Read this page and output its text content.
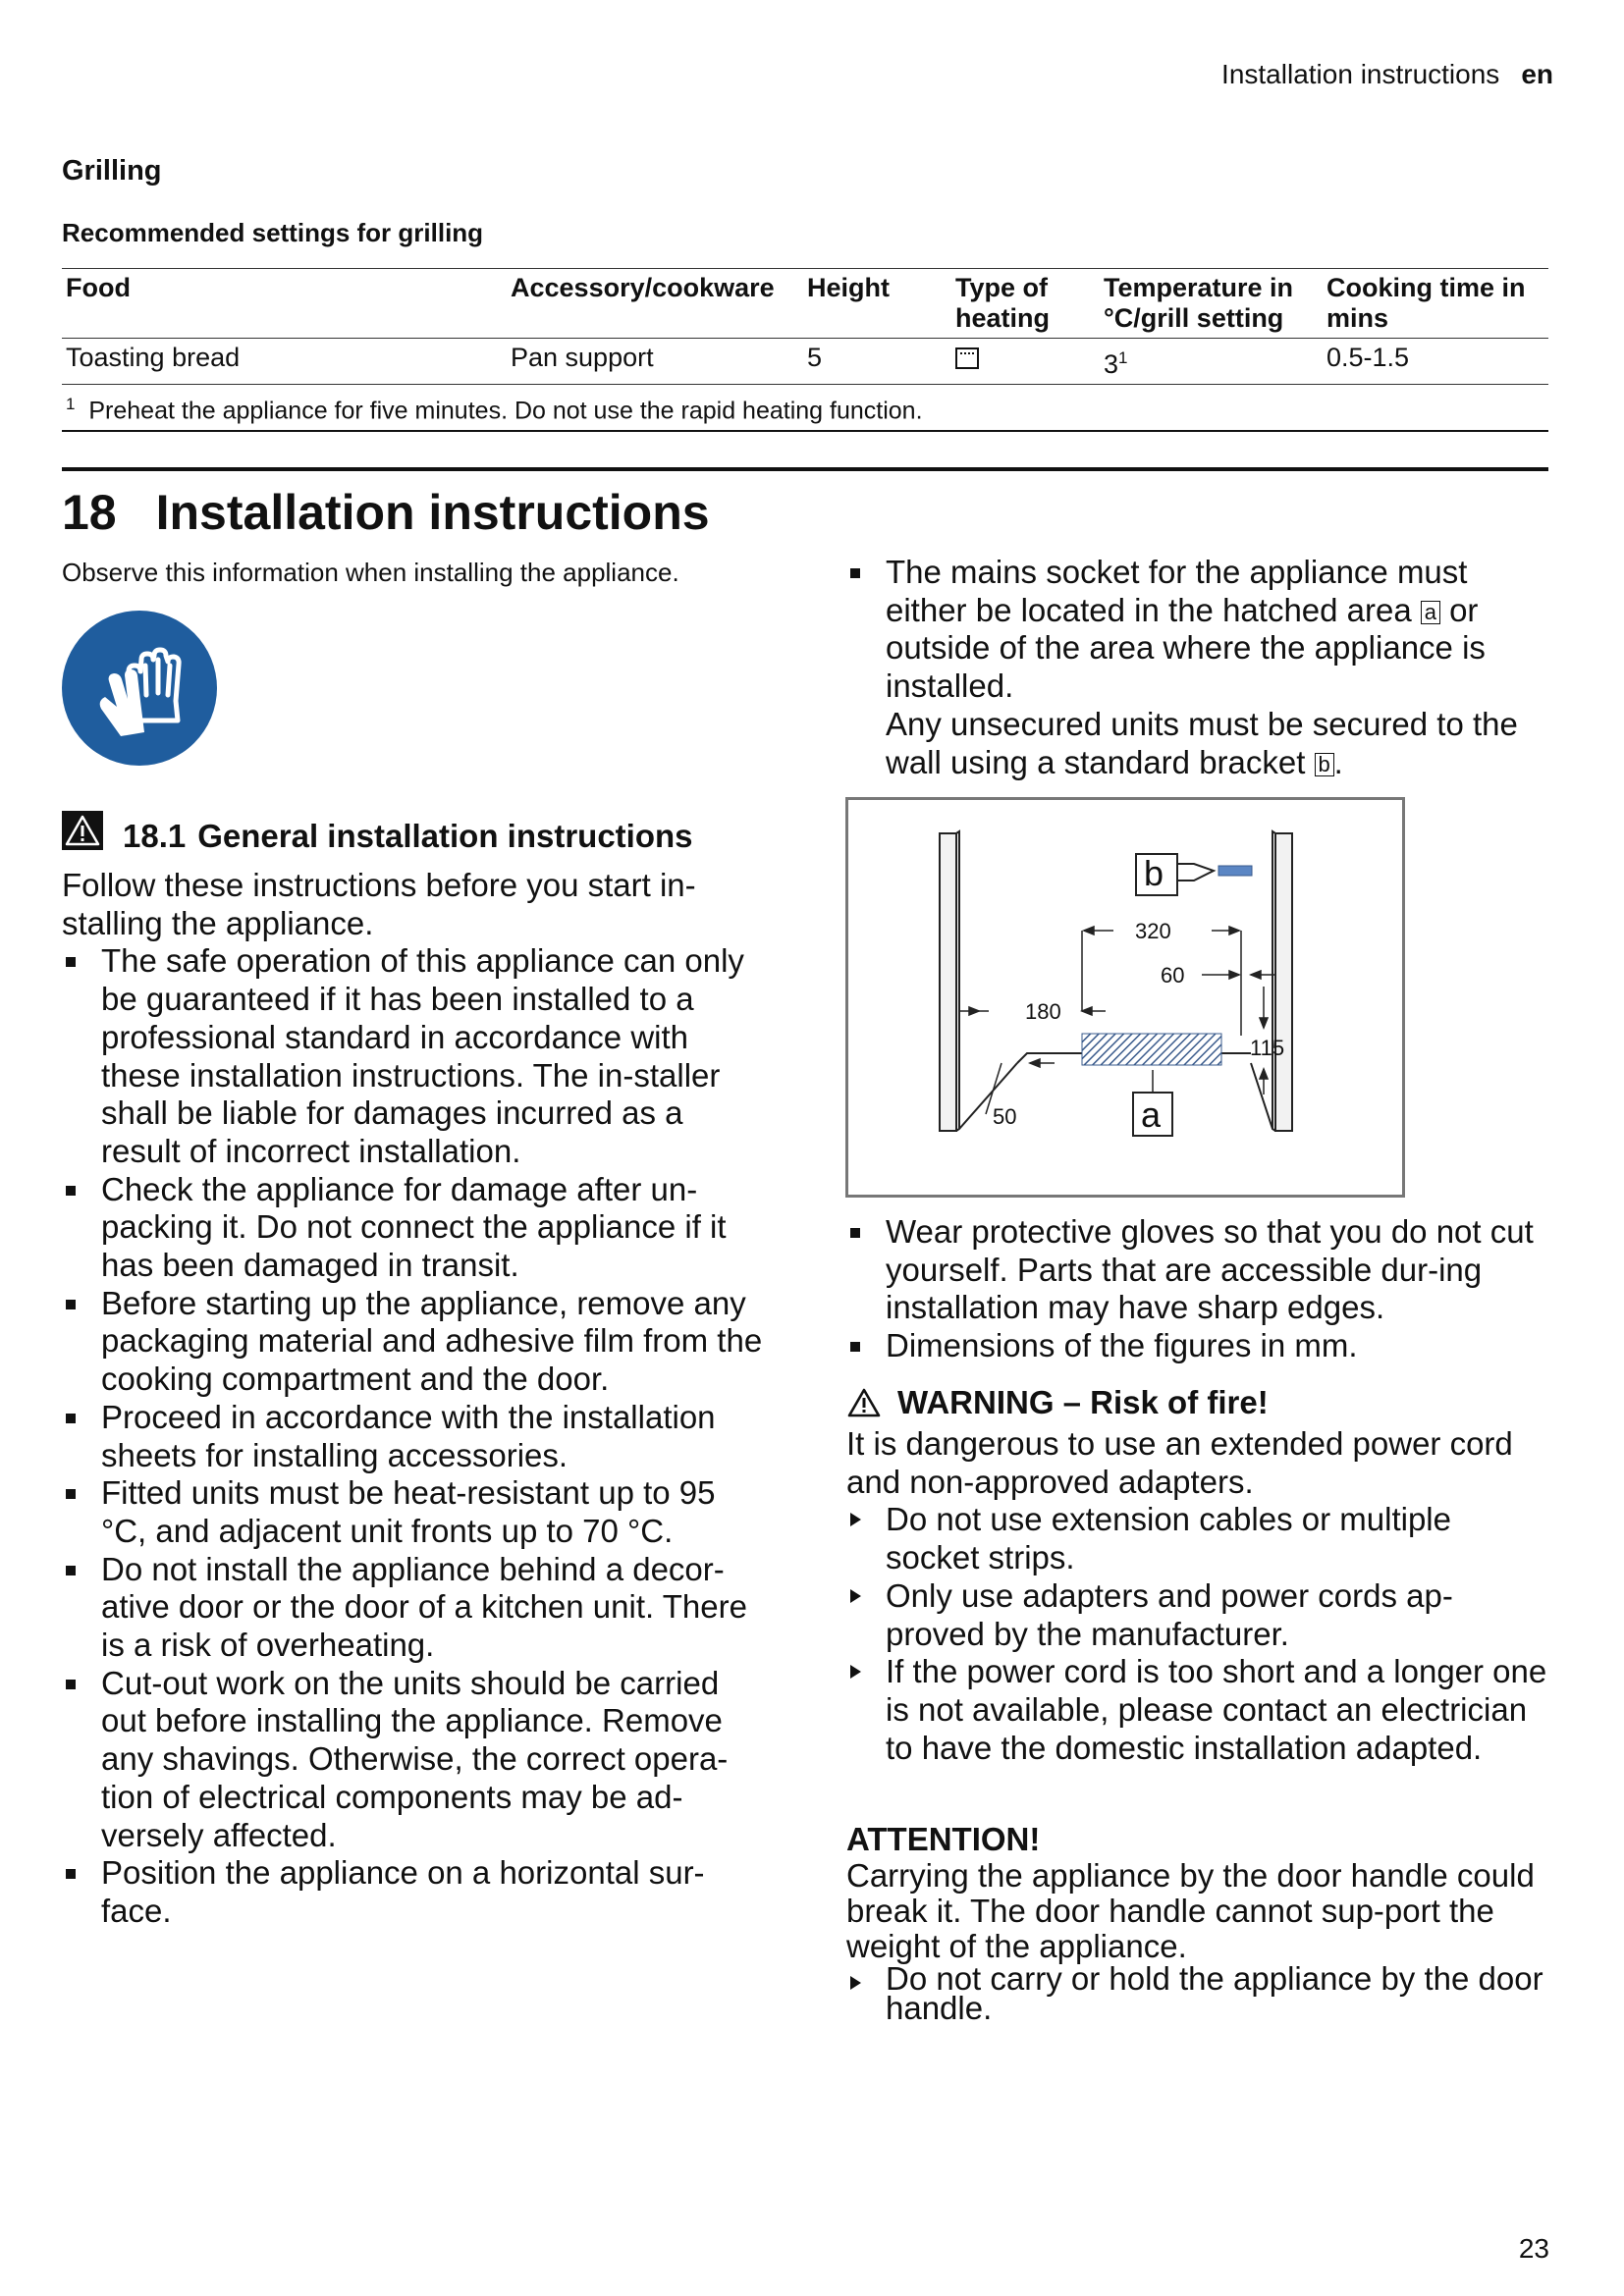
Installation instructions en
Grilling
Recommended settings for grilling
Food	Accessory/cookware	Height	Type of heating	Temperature in °C/grill setting	Cooking time in mins
Toasting bread	Pan support	5		$3^1$	0.5-1.5
$^1$ Preheat the appliance for five minutes. Do not use the rapid heating function.					
18 Installation instructions
Observe this information when installing the appliance.
18.1 General installation instructions

Follow these instructions before you start in-stalling the appliance.

The safe operation of this appliance can only be guaranteed if it has been installed to a professional standard in accordance with these installation instructions. The in-staller shall be liable for damages incurred as a result of incorrect installation.
Check the appliance for damage after un-packing it. Do not connect the appliance if it has been damaged in transit.
Before starting up the appliance, remove any packaging material and adhesive film from the cooking compartment and the door.
Proceed in accordance with the installation sheets for installing accessories.
Fitted units must be heat-resistant up to 95 °C, and adjacent unit fronts up to 70 °C.
Do not install the appliance behind a decor-ative door or the door of a kitchen unit. There is a risk of overheating.
Cut-out work on the units should be carried out before installing the appliance. Remove any shavings. Otherwise, the correct opera-tion of electrical components may be ad-versely affected.
Position the appliance on a horizontal sur-face.
The mains socket for the appliance must either be located in the hatched area a or outside of the area where the appliance is installed.
Any unsecured units must be secured to the wall using a standard bracket b .
b
a
320
60
180
115
50
Wear protective gloves so that you do not cut yourself. Parts that are accessible dur-ing installation may have sharp edges.
Dimensions of the figures in mm.
WARNING – Risk of fire!

It is dangerous to use an extended power cord and non-approved adapters.

Do not use extension cables or multiple socket strips.
Only use adapters and power cords ap-proved by the manufacturer.
If the power cord is too short and a longer one is not available, please contact an electrician to have the domestic installation adapted.
ATTENTION!

Carrying the appliance by the door handle could break it. The door handle cannot sup-port the weight of the appliance.

Do not carry or hold the appliance by the door handle.
23
